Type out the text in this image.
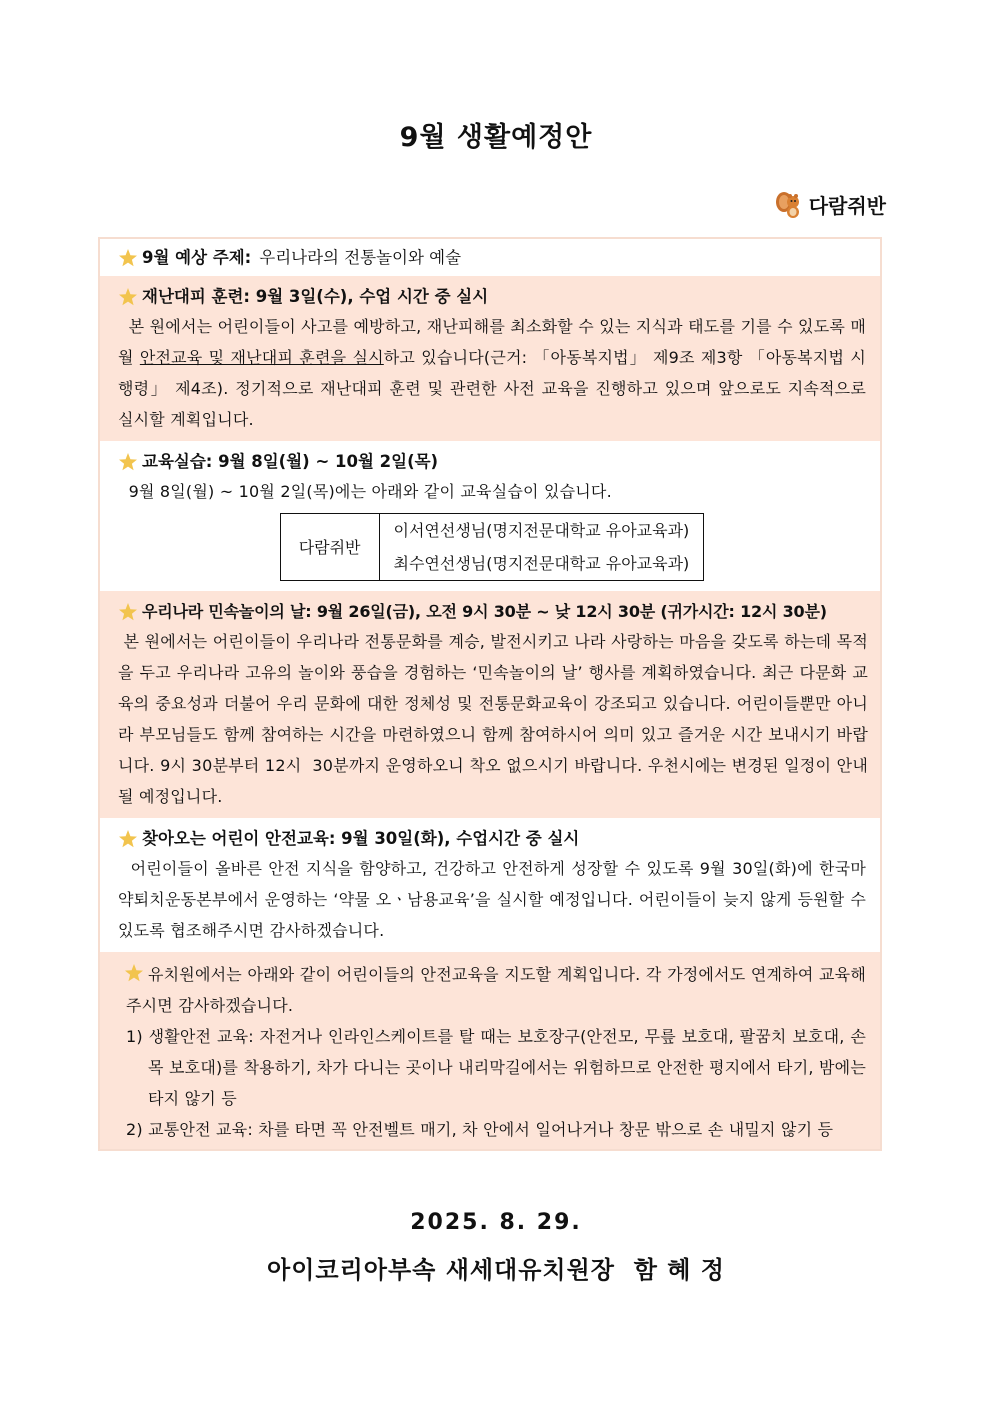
9월 생활예정안
다람쥐반
9월 예상 주제: 우리나라의 전통놀이와 예술
재난대피 훈련: 9월 3일(수), 수업 시간 중 실시
본 원에서는 어린이들이 사고를 예방하고, 재난피해를 최소화할 수 있는 지식과 태도를 기를 수 있도록 매월 안전교육 및 재난대피 훈련을 실시하고 있습니다(근거: 「아동복지법」 제9조 제3항 「아동복지법 시행령」 제4조). 정기적으로 재난대피 훈련 및 관련한 사전 교육을 진행하고 있으며 앞으로도 지속적으로 실시할 계획입니다.
교육실습: 9월 8일(월) ~ 10월 2일(목)
9월 8일(월) ~ 10월 2일(목)에는 아래와 같이 교육실습이 있습니다.
다람쥐반	이서연선생님(명지전문대학교 유아교육과)
최수연선생님(명지전문대학교 유아교육과)
우리나라 민속놀이의 날: 9월 26일(금), 오전 9시 30분 ~ 낮 12시 30분 (귀가시간: 12시 30분)
본 원에서는 어린이들이 우리나라 전통문화를 계승, 발전시키고 나라 사랑하는 마음을 갖도록 하는데 목적을 두고 우리나라 고유의 놀이와 풍습을 경험하는 ‘민속놀이의 날’ 행사를 계획하였습니다. 최근 다문화 교육의 중요성과 더불어 우리 문화에 대한 정체성 및 전통문화교육이 강조되고 있습니다. 어린이들뿐만 아니라 부모님들도 함께 참여하는 시간을 마련하였으니 함께 참여하시어 의미 있고 즐거운 시간 보내시기 바랍니다. 9시 30분부터 12시  30분까지 운영하오니 착오 없으시기 바랍니다. 우천시에는 변경된 일정이 안내될 예정입니다.
찾아오는 어린이 안전교육: 9월 30일(화), 수업시간 중 실시
어린이들이 올바른 안전 지식을 함양하고, 건강하고 안전하게 성장할 수 있도록 9월 30일(화)에 한국마약퇴치운동본부에서 운영하는 ‘약물 오ㆍ남용교육’을 실시할 예정입니다. 어린이들이 늦지 않게 등원할 수 있도록 협조해주시면 감사하겠습니다.
유치원에서는 아래와 같이 어린이들의 안전교육을 지도할 계획입니다. 각 가정에서도 연계하여 교육해주시면 감사하겠습니다.
1) 생활안전 교육: 자전거나 인라인스케이트를 탈 때는 보호장구(안전모, 무릎 보호대, 팔꿈치 보호대, 손목 보호대)를 착용하기, 차가 다니는 곳이나 내리막길에서는 위험하므로 안전한 평지에서 타기, 밤에는 타지 않기 등
2) 교통안전 교육: 차를 타면 꼭 안전벨트 매기, 차 안에서 일어나거나 창문 밖으로 손 내밀지 않기 등
2025. 8. 29.
아이코리아부속 새세대유치원장  함 혜 정
